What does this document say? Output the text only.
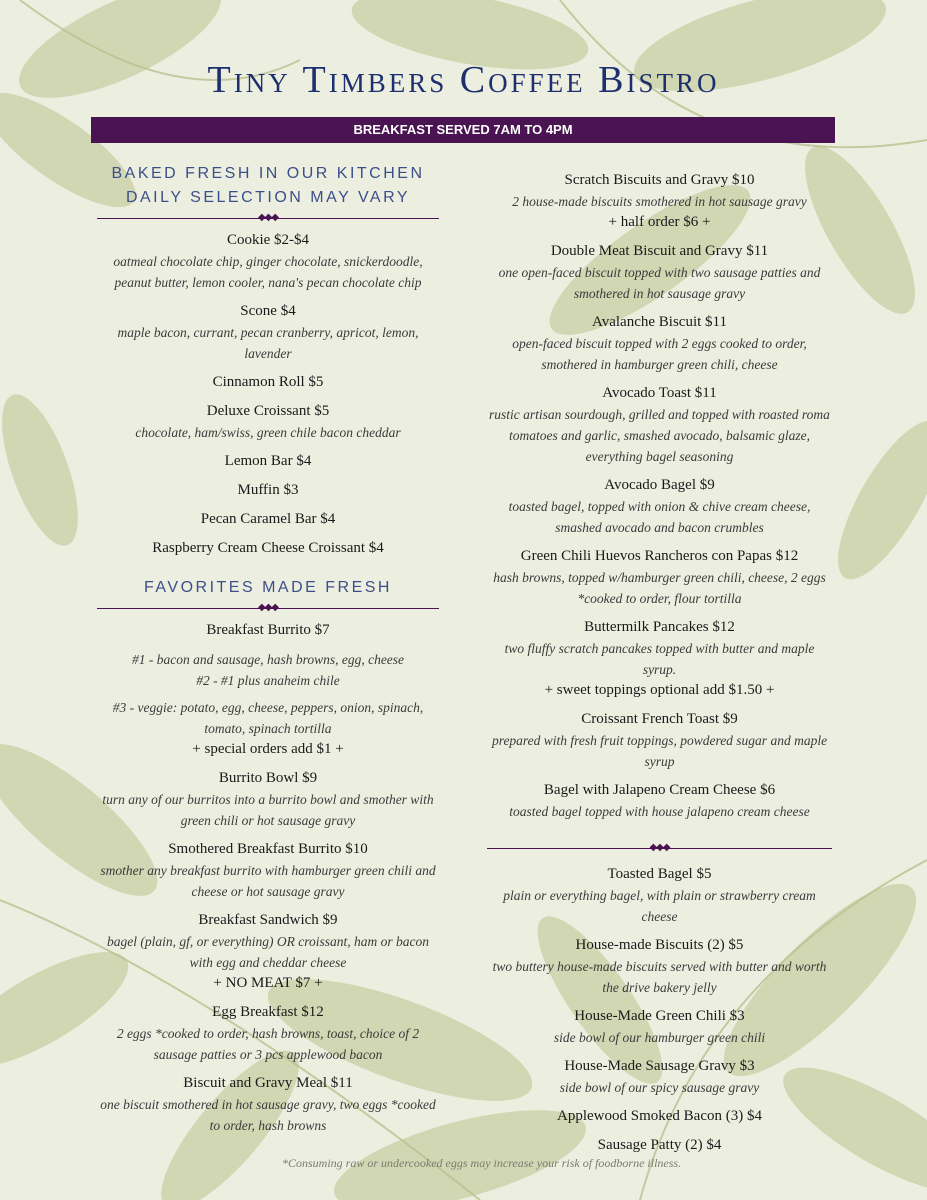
Tiny Timbers Coffee Bistro
BREAKFAST SERVED 7AM TO 4PM
BAKED FRESH IN OUR KITCHEN
DAILY SELECTION MAY VARY
◆◆◆
Cookie $2-$4
oatmeal chocolate chip, ginger chocolate, snickerdoodle, peanut butter, lemon cooler, nana's pecan chocolate chip
Scone $4
maple bacon, currant, pecan cranberry, apricot, lemon, lavender
Cinnamon Roll $5
Deluxe Croissant $5
chocolate, ham/swiss, green chile bacon cheddar
Lemon Bar $4
Muffin $3
Pecan Caramel Bar $4
Raspberry Cream Cheese Croissant $4
FAVORITES MADE FRESH
◆◆◆
Breakfast Burrito $7
#1 - bacon and sausage, hash browns, egg, cheese
#2 - #1 plus anaheim chile
#3 - veggie: potato, egg, cheese, peppers, onion, spinach, tomato, spinach tortilla
+ special orders add $1 +
Burrito Bowl $9
turn any of our burritos into a burrito bowl and smother with green chili or hot sausage gravy
Smothered Breakfast Burrito $10
smother any breakfast burrito with hamburger green chili and cheese or hot sausage gravy
Breakfast Sandwich $9
bagel (plain, gf, or everything) OR croissant, ham or bacon with egg and cheddar cheese
+ NO MEAT $7 +
Egg Breakfast $12
2 eggs *cooked to order, hash browns, toast, choice of 2 sausage patties or 3 pcs applewood bacon
Biscuit and Gravy Meal $11
one biscuit smothered in hot sausage gravy, two eggs *cooked to order, hash browns
Scratch Biscuits and Gravy $10
2 house-made biscuits smothered in hot sausage gravy
+ half order $6 +
Double Meat Biscuit and Gravy $11
one open-faced biscuit topped with two sausage patties and smothered in hot sausage gravy
Avalanche Biscuit $11
open-faced biscuit topped with 2 eggs cooked to order, smothered in hamburger green chili, cheese
Avocado Toast $11
rustic artisan sourdough, grilled and topped with roasted roma tomatoes and garlic, smashed avocado, balsamic glaze, everything bagel seasoning
Avocado Bagel $9
toasted bagel, topped with onion & chive cream cheese, smashed avocado and bacon crumbles
Green Chili Huevos Rancheros con Papas $12
hash browns, topped w/hamburger green chili, cheese, 2 eggs *cooked to order, flour tortilla
Buttermilk Pancakes $12
two fluffy scratch pancakes topped with butter and maple syrup.
+ sweet toppings optional add $1.50 +
Croissant French Toast $9
prepared with fresh fruit toppings, powdered sugar and maple syrup
Bagel with Jalapeno Cream Cheese $6
toasted bagel topped with house jalapeno cream cheese
◆◆◆
Toasted Bagel $5
plain or everything bagel, with plain or strawberry cream cheese
House-made Biscuits (2) $5
two buttery house-made biscuits served with butter and worth the drive bakery jelly
House-Made Green Chili $3
side bowl of our hamburger green chili
House-Made Sausage Gravy $3
side bowl of our spicy sausage gravy
Applewood Smoked Bacon (3) $4
Sausage Patty (2) $4
*Consuming raw or undercooked eggs may increase your risk of foodborne illness.
